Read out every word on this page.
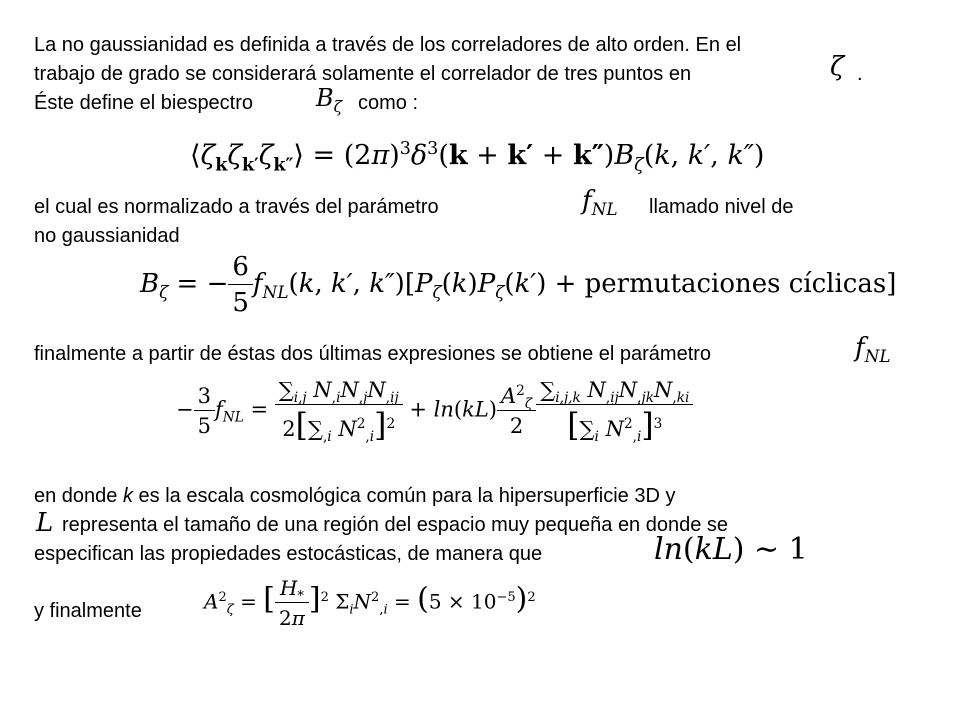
La no gaussianidad es definida a través de los correladores de alto orden. En el
trabajo de grado se considerará solamente el correlador de tres puntos en	ζ .
Éste define el biespectro	$B_\zeta$ como :
$⟨\zeta_k\zeta_{k'}\zeta_{k''}⟩ = (2\pi)^3\delta^3(k + k' + k'')B_\zeta(k$, k′, k″)
el cual es normalizado a través del parámetro	$f_{NL}$ llamado nivel de
no gaussianidad
$B_\zeta$ = − $\frac{6}{5} f_{NL}(k$, k′, $k'')[P_\zeta(k)P_\zeta(k')$ + permutaciones cíclicas]
finalmente a partir de éstas dos últimas expresiones se obtiene el parámetro	$f_{NL}$
− $\frac{3}{5} f_{NL} = \frac{\sum_{i,j} N_{,i}N_{,j}N_{,ij}}{2[\sum_{,i} N^2_{,i}]^2} + \ln(kL) \frac{A^2_\zeta}{2} \frac{\sum_{i,j,k} N_{,ij}N_{,jk}N_{,ki}}{[\sum_i N^2_{,i}]^3}$
en donde k es la escala cosmológica común para la hipersuperficie 3D y
L representa el tamaño de una región del espacio muy pequeña en donde se
especifican las propiedades estocásticas, de manera que	ln(kL) ∼ 1
y finalmente	$A^2_\zeta$ = [ $\frac{H_*}{2\pi} ]^2$ $\Sigma_iN^2_{,i} = (5 \times 10^{-5})^2$
